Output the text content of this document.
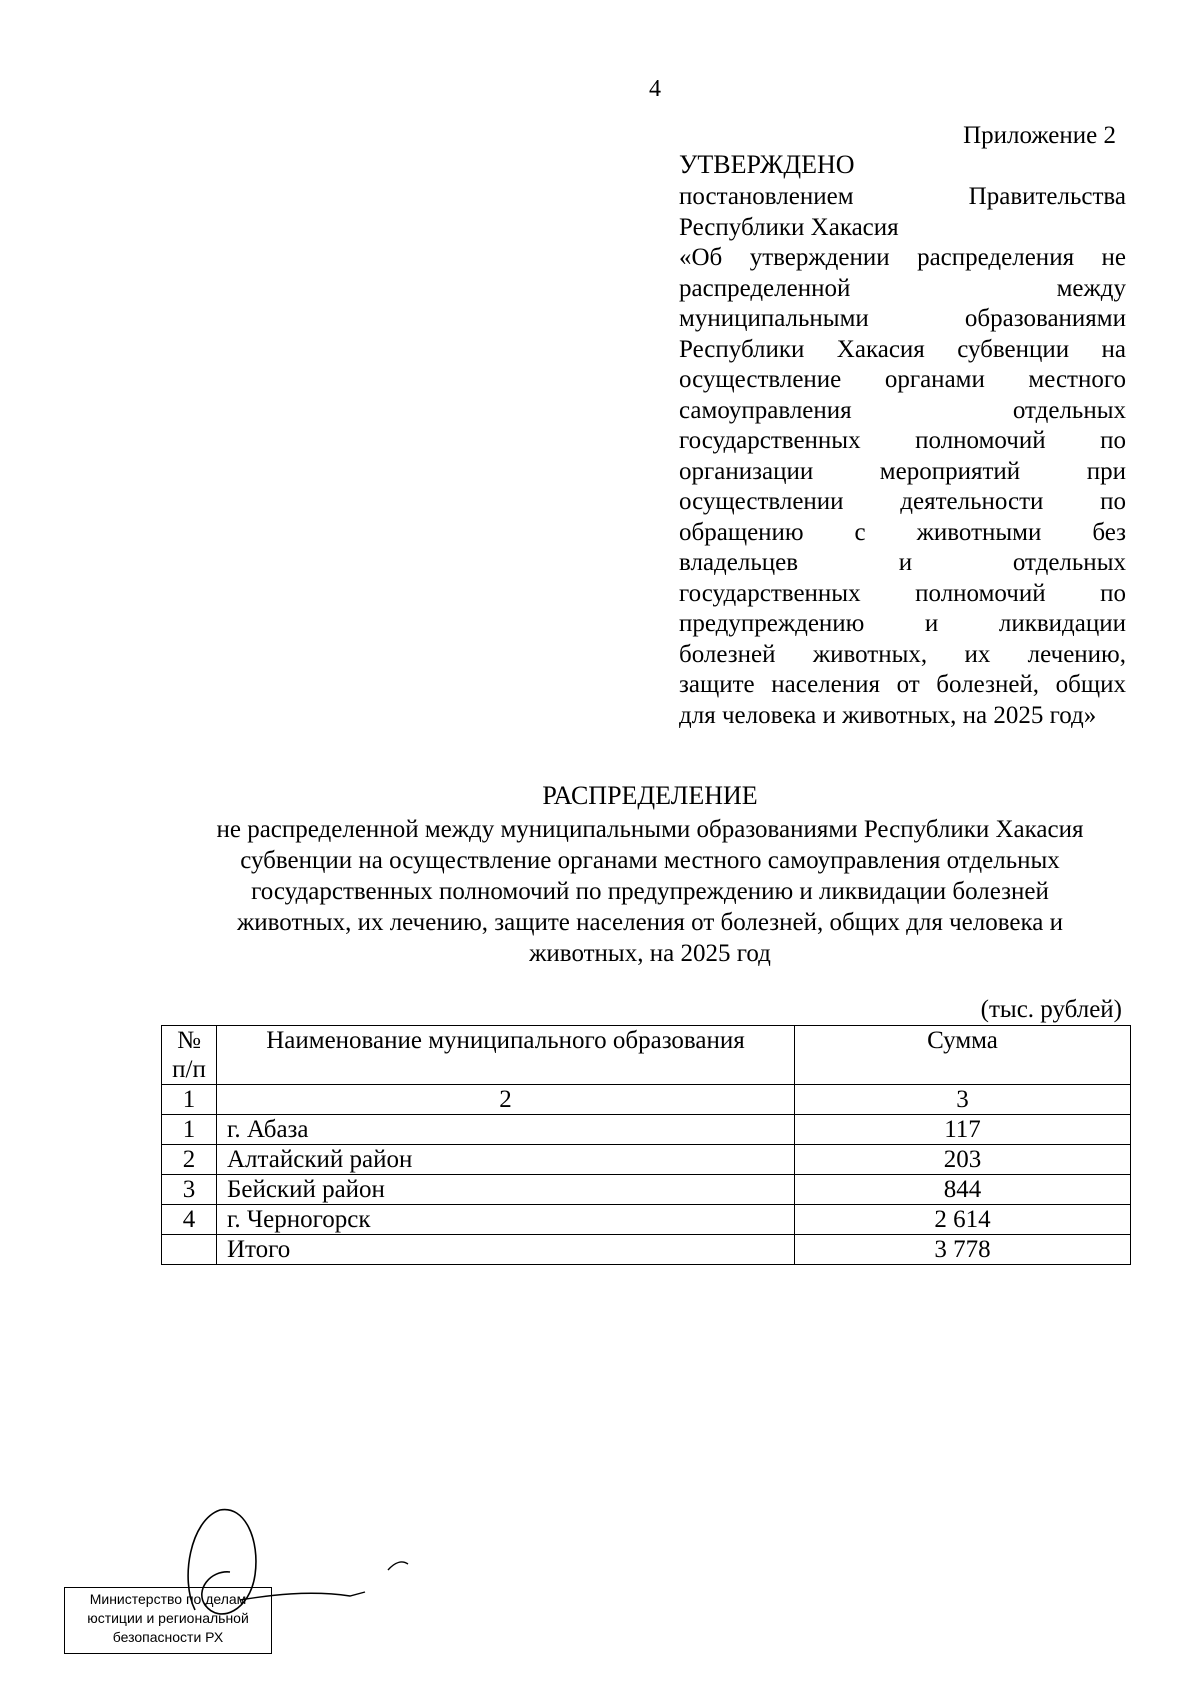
4
Приложение 2
УТВЕРЖДЕНО
постановлением Правительства
Республики Хакасия
«Об утверждении распределения не
распределенной между
муниципальными образованиями
Республики Хакасия субвенции на
осуществление органами местного
самоуправления отдельных
государственных полномочий по
организации мероприятий при
осуществлении деятельности по
обращению с животными без
владельцев и отдельных
государственных полномочий по
предупреждению и ликвидации
болезней животных, их лечению,
защите населения от болезней, общих
для человека и животных, на 2025 год»
РАСПРЕДЕЛЕНИЕ
не распределенной между муниципальными образованиями Республики Хакасия
субвенции на осуществление органами местного самоуправления отдельных
государственных полномочий по предупреждению и ликвидации болезней
животных, их лечению, защите населения от болезней, общих для человека и
животных, на 2025 год
(тыс. рублей)
№ п/п	Наименование муниципального образования	Сумма
1	2	3
1	г. Абаза	117
2	Алтайский район	203
3	Бейский район	844
4	г. Черногорск	2 614
	Итого	3 778
Министерство по делам
юстиции и региональной
безопасности РХ
